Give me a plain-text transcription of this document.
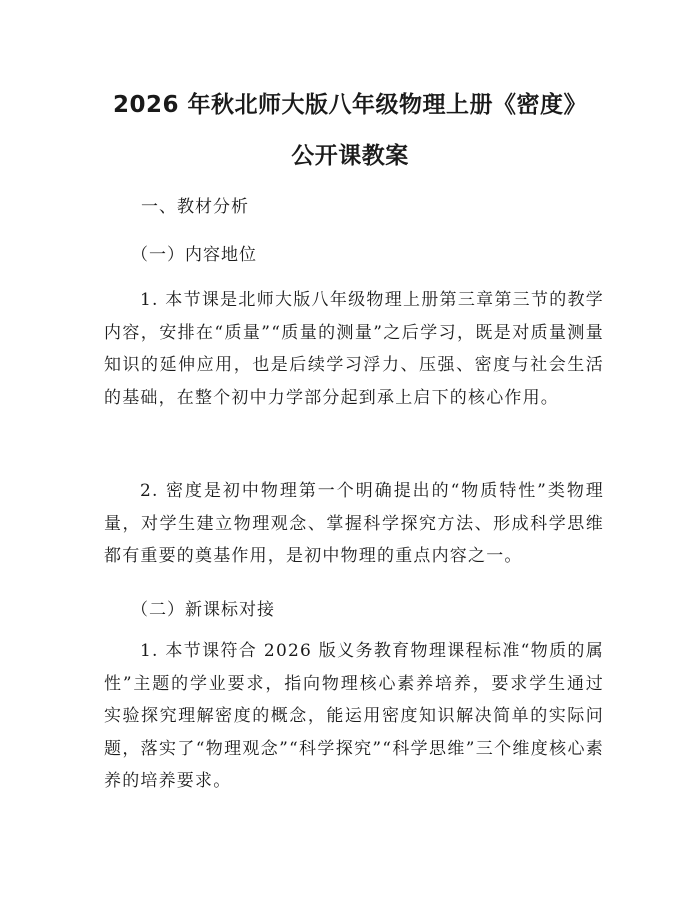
2026 年秋北师大版八年级物理上册《密度》
公开课教案
一、教材分析
（一）内容地位

1. 本节课是北师大版八年级物理上册第三章第三节的教学内容，安排在“质量”“质量的测量”之后学习，既是对质量测量知识的延伸应用，也是后续学习浮力、压强、密度与社会生活的基础，在整个初中力学部分起到承上启下的核心作用。

2. 密度是初中物理第一个明确提出的“物质特性”类物理量，对学生建立物理观念、掌握科学探究方法、形成科学思维都有重要的奠基作用，是初中物理的重点内容之一。

（二）新课标对接

1. 本节课符合 2026 版义务教育物理课程标准“物质的属性”主题的学业要求，指向物理核心素养培养，要求学生通过实验探究理解密度的概念，能运用密度知识解决简单的实际问题，落实了“物理观念”“科学探究”“科学思维”三个维度核心素养的培养要求。
